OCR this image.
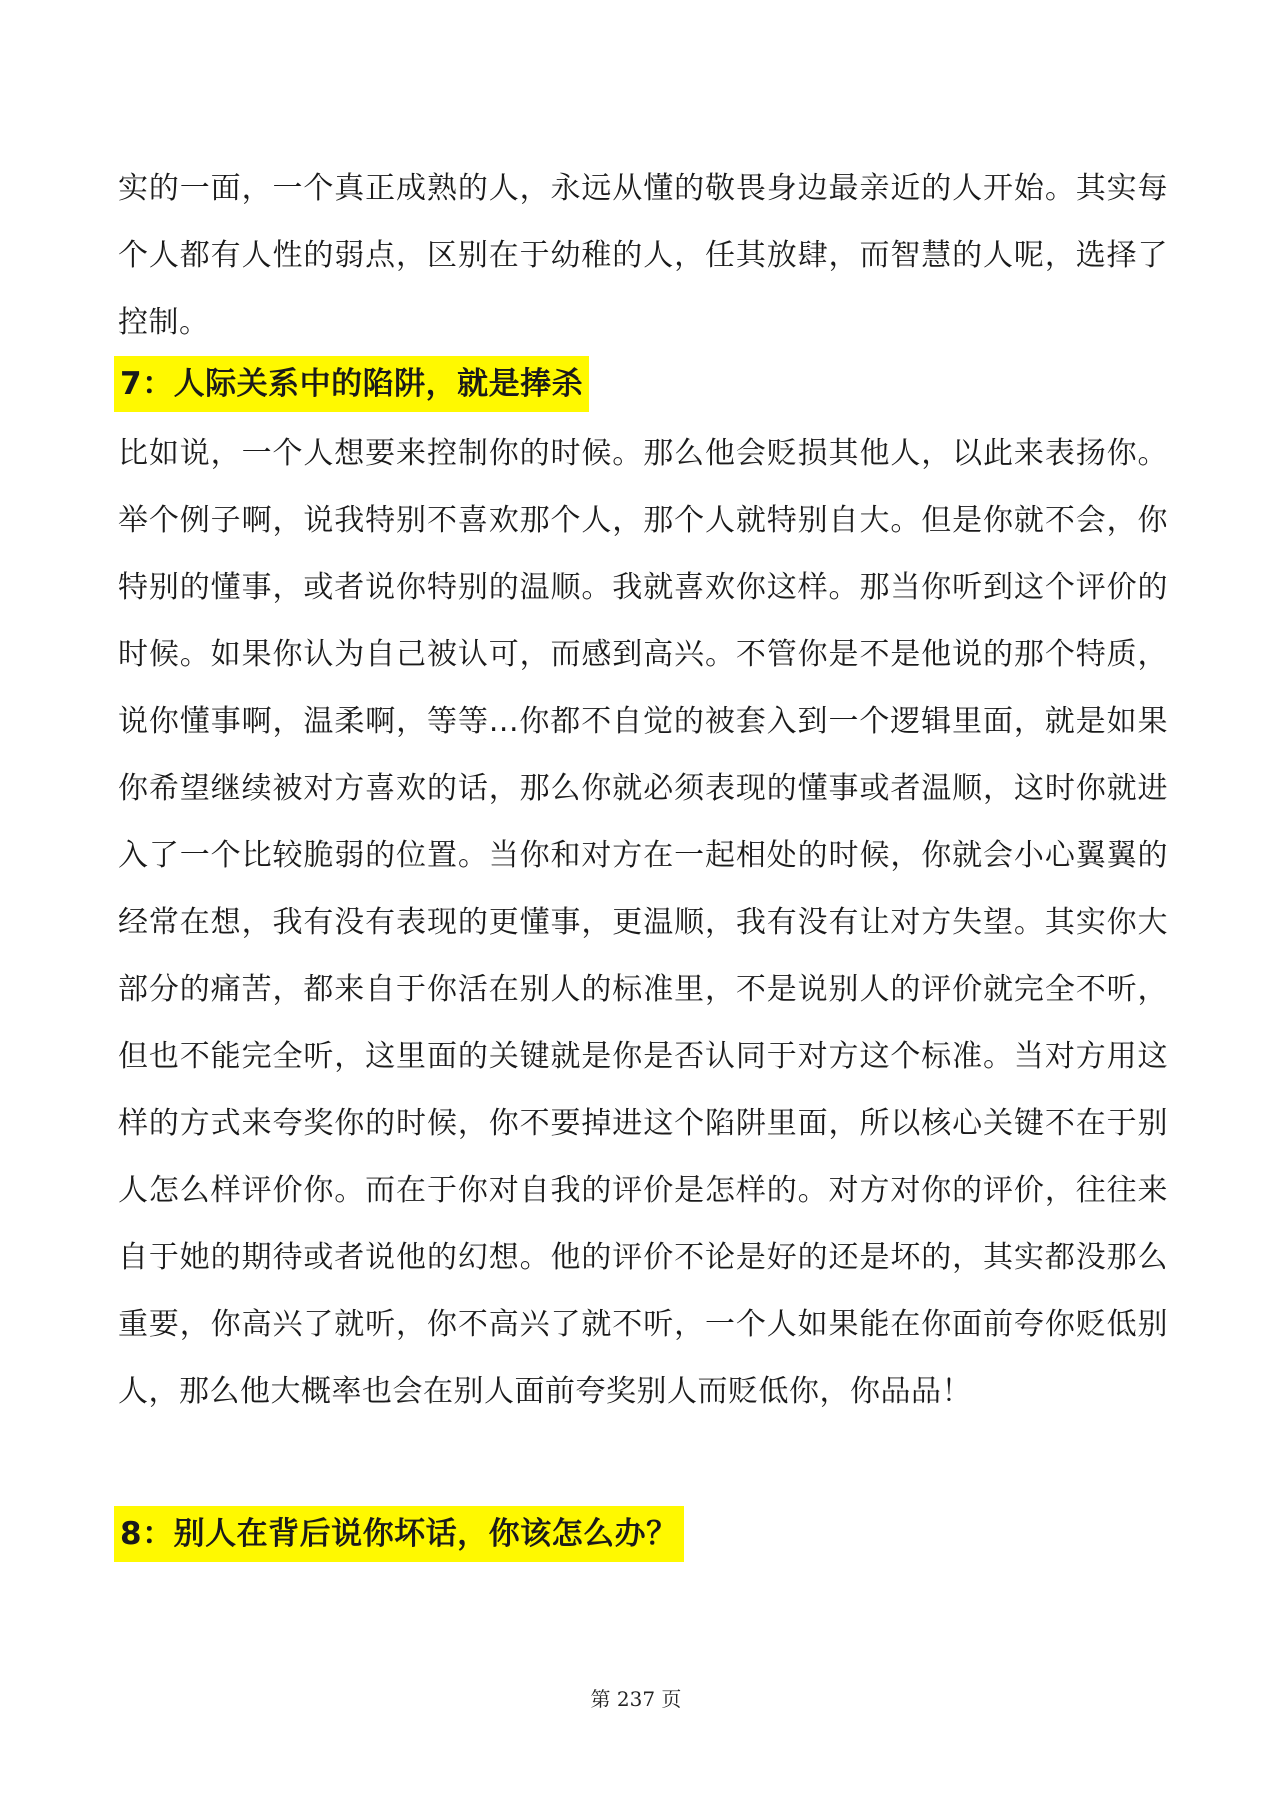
实的一面，一个真正成熟的人，永远从懂的敬畏身边最亲近的人开始。其实每个人都有人性的弱点，区别在于幼稚的人，任其放肆，而智慧的人呢，选择了控制。

7：人际关系中的陷阱，就是捧杀

比如说，一个人想要来控制你的时候。那么他会贬损其他人，以此来表扬你。举个例子啊，说我特别不喜欢那个人，那个人就特别自大。但是你就不会，你特别的懂事，或者说你特别的温顺。我就喜欢你这样。那当你听到这个评价的时候。如果你认为自己被认可，而感到高兴。不管你是不是他说的那个特质，说你懂事啊，温柔啊，等等...你都不自觉的被套入到一个逻辑里面，就是如果你希望继续被对方喜欢的话，那么你就必须表现的懂事或者温顺，这时你就进入了一个比较脆弱的位置。当你和对方在一起相处的时候，你就会小心翼翼的经常在想，我有没有表现的更懂事，更温顺，我有没有让对方失望。其实你大部分的痛苦，都来自于你活在别人的标准里，不是说别人的评价就完全不听，但也不能完全听，这里面的关键就是你是否认同于对方这个标准。当对方用这样的方式来夸奖你的时候，你不要掉进这个陷阱里面，所以核心关键不在于别人怎么样评价你。而在于你对自我的评价是怎样的。对方对你的评价，往往来自于她的期待或者说他的幻想。他的评价不论是好的还是坏的，其实都没那么重要，你高兴了就听，你不高兴了就不听，一个人如果能在你面前夸你贬低别人，那么他大概率也会在别人面前夸奖别人而贬低你，你品品！

8：别人在背后说你坏话，你该怎么办？
第 237 页
